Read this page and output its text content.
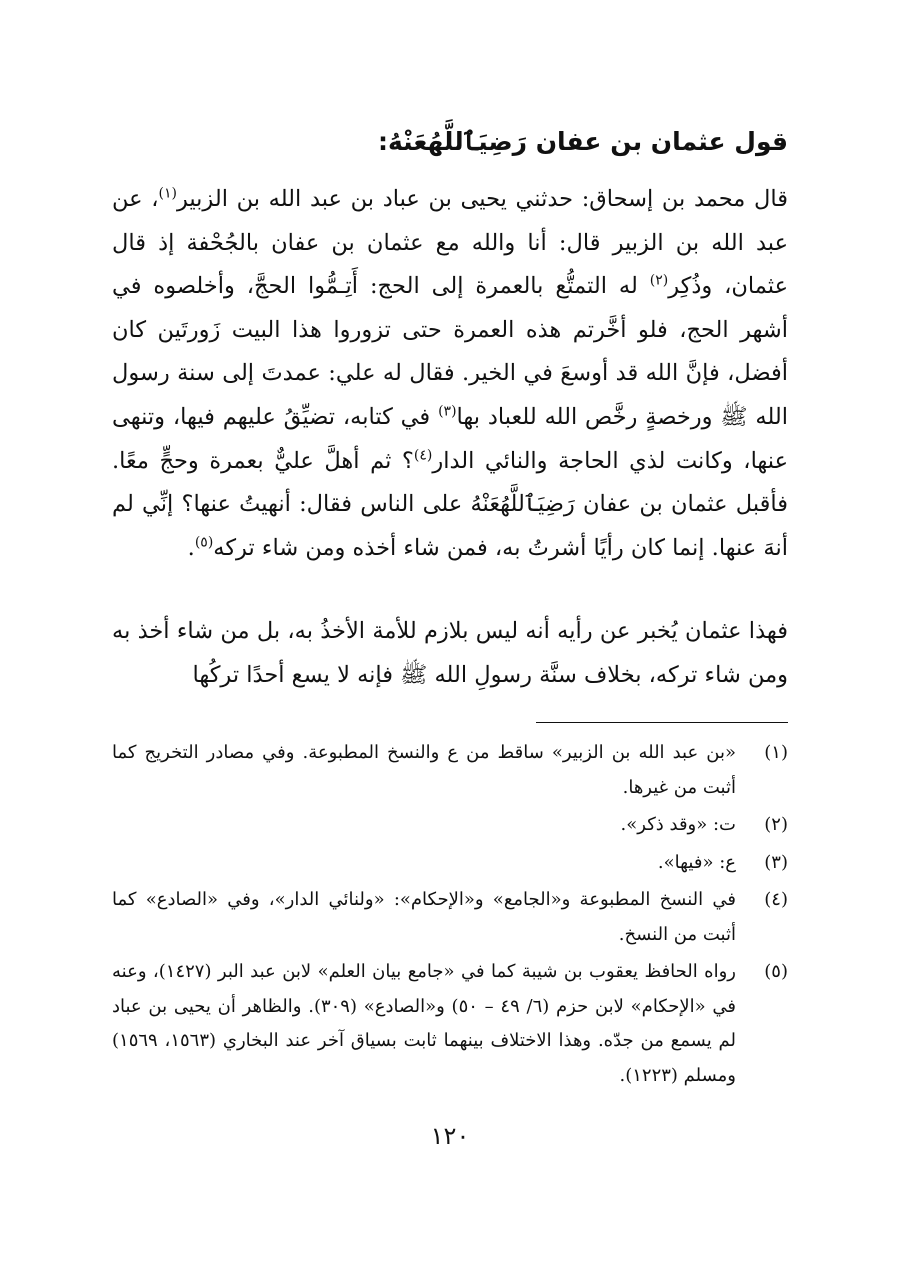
قول عثمان بن عفان رَضِيَٱللَّهُعَنْهُ:

قال محمد بن إسحاق: حدثني يحيى بن عباد بن عبد الله بن الزبير$^{(١)}$، عن عبد الله بن الزبير قال: أنا والله مع عثمان بن عفان بالجُحْفة إذ قال عثمان، وذُكِر$^{(٢)}$ له التمتُّع بالعمرة إلى الحج: أَتِـمُّوا الحجَّ، وأخلصوه في أشهر الحج، فلو أخَّرتم هذه العمرة حتى تزوروا هذا البيت زَورتَين كان أفضل، فإنَّ الله قد أوسعَ في الخير. فقال له علي: عمدتَ إلى سنة رسول الله ﷺ ورخصةٍ رخَّص الله للعباد بها$^{(٣)}$ في كتابه، تضيِّقُ عليهم فيها، وتنهى عنها، وكانت لذي الحاجة والنائي الدار$^{(٤)}$؟ ثم أهلَّ عليٌّ بعمرة وحجٍّ معًا. فأقبل عثمان بن عفان رَضِيَٱللَّهُعَنْهُ على الناس فقال: أنهيتُ عنها؟ إنِّي لم أنهَ عنها. إنما كان رأيًا أشرتُ به، فمن شاء أخذه ومن شاء تركه$^{(٥)}$.

فهذا عثمان يُخبر عن رأيه أنه ليس بلازم للأمة الأخذُ به، بل من شاء أخذ به ومن شاء تركه، بخلاف سنَّة رسولِ الله ﷺ فإنه لا يسع أحدًا تركُها

(١)
«بن عبد الله بن الزبير» ساقط من ع والنسخ المطبوعة. وفي مصادر التخريج كما أثبت من غيرها.
(٢)
ت: «وقد ذكر».
(٣)
ع: «فيها».
(٤)
في النسخ المطبوعة و«الجامع» و«الإحكام»: «ولنائي الدار»، وفي «الصادع» كما أثبت من النسخ.
(٥)
رواه الحافظ يعقوب بن شيبة كما في «جامع بيان العلم» لابن عبد البر (١٤٢٧)، وعنه في «الإحكام» لابن حزم (٦/ ٤٩ – ٥٠) و«الصادع» (٣٠٩). والظاهر أن يحيى بن عباد لم يسمع من جدّه. وهذا الاختلاف بينهما ثابت بسياق آخر عند البخاري (١٥٦٣، ١٥٦٩) ومسلم (١٢٢٣).

١٢٠
